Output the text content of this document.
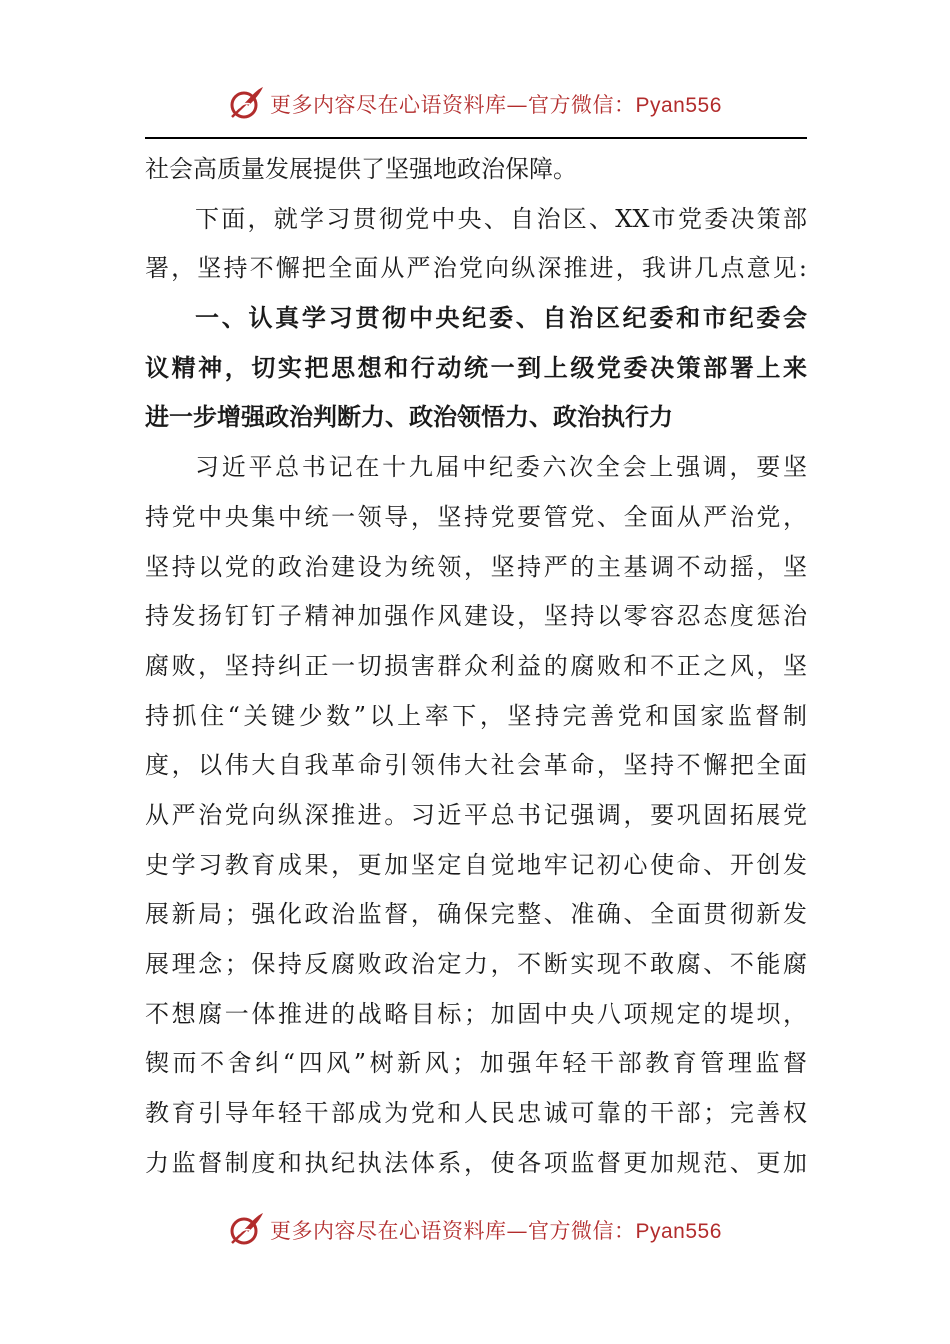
更多内容尽在心语资料库—官方微信：Pyan556
社会高质量发展提供了坚强地政治保障。
下面，就学习贯彻党中央、自治区、XX市党委决策部
署，坚持不懈把全面从严治党向纵深推进，我讲几点意见:
一、认真学习贯彻中央纪委、自治区纪委和市纪委会
议精神，切实把思想和行动统一到上级党委决策部署上来
进一步增强政治判断力、政治领悟力、政治执行力
习近平总书记在十九届中纪委六次全会上强调，要坚
持党中央集中统一领导，坚持党要管党、全面从严治党，
坚持以党的政治建设为统领，坚持严的主基调不动摇，坚
持发扬钉钉子精神加强作风建设，坚持以零容忍态度惩治
腐败，坚持纠正一切损害群众利益的腐败和不正之风，坚
持抓住“关键少数”以上率下，坚持完善党和国家监督制
度，以伟大自我革命引领伟大社会革命，坚持不懈把全面
从严治党向纵深推进。习近平总书记强调，要巩固拓展党
史学习教育成果，更加坚定自觉地牢记初心使命、开创发
展新局；强化政治监督，确保完整、准确、全面贯彻新发
展理念；保持反腐败政治定力，不断实现不敢腐、不能腐
不想腐一体推进的战略目标；加固中央八项规定的堤坝，
锲而不舍纠“四风”树新风；加强年轻干部教育管理监督
教育引导年轻干部成为党和人民忠诚可靠的干部；完善权
力监督制度和执纪执法体系，使各项监督更加规范、更加
更多内容尽在心语资料库—官方微信：Pyan556
